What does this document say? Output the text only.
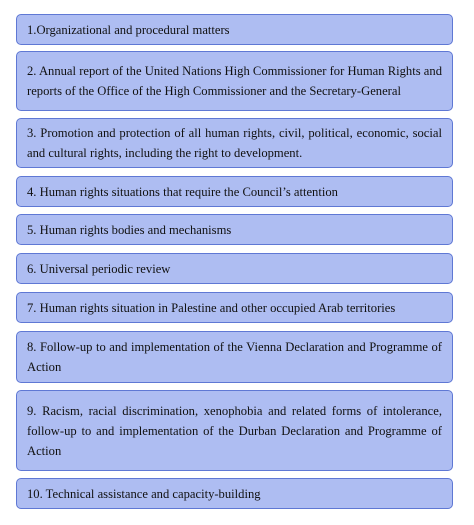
1.Organizational and procedural matters
2. Annual report of the United Nations High Commissioner for Human Rights and reports of the Office of the High Commissioner and the Secretary-General
3. Promotion and protection of all human rights, civil, political, economic, social and cultural rights, including the right to development.
4. Human rights situations that require the Council’s attention
5. Human rights bodies and mechanisms
6. Universal periodic review
7. Human rights situation in Palestine and other occupied Arab territories
8. Follow-up to and implementation of the Vienna Declaration and Programme of Action
9. Racism, racial discrimination, xenophobia and related forms of intolerance, follow-up to and implementation of the Durban Declaration and Programme of Action
10. Technical assistance and capacity-building
